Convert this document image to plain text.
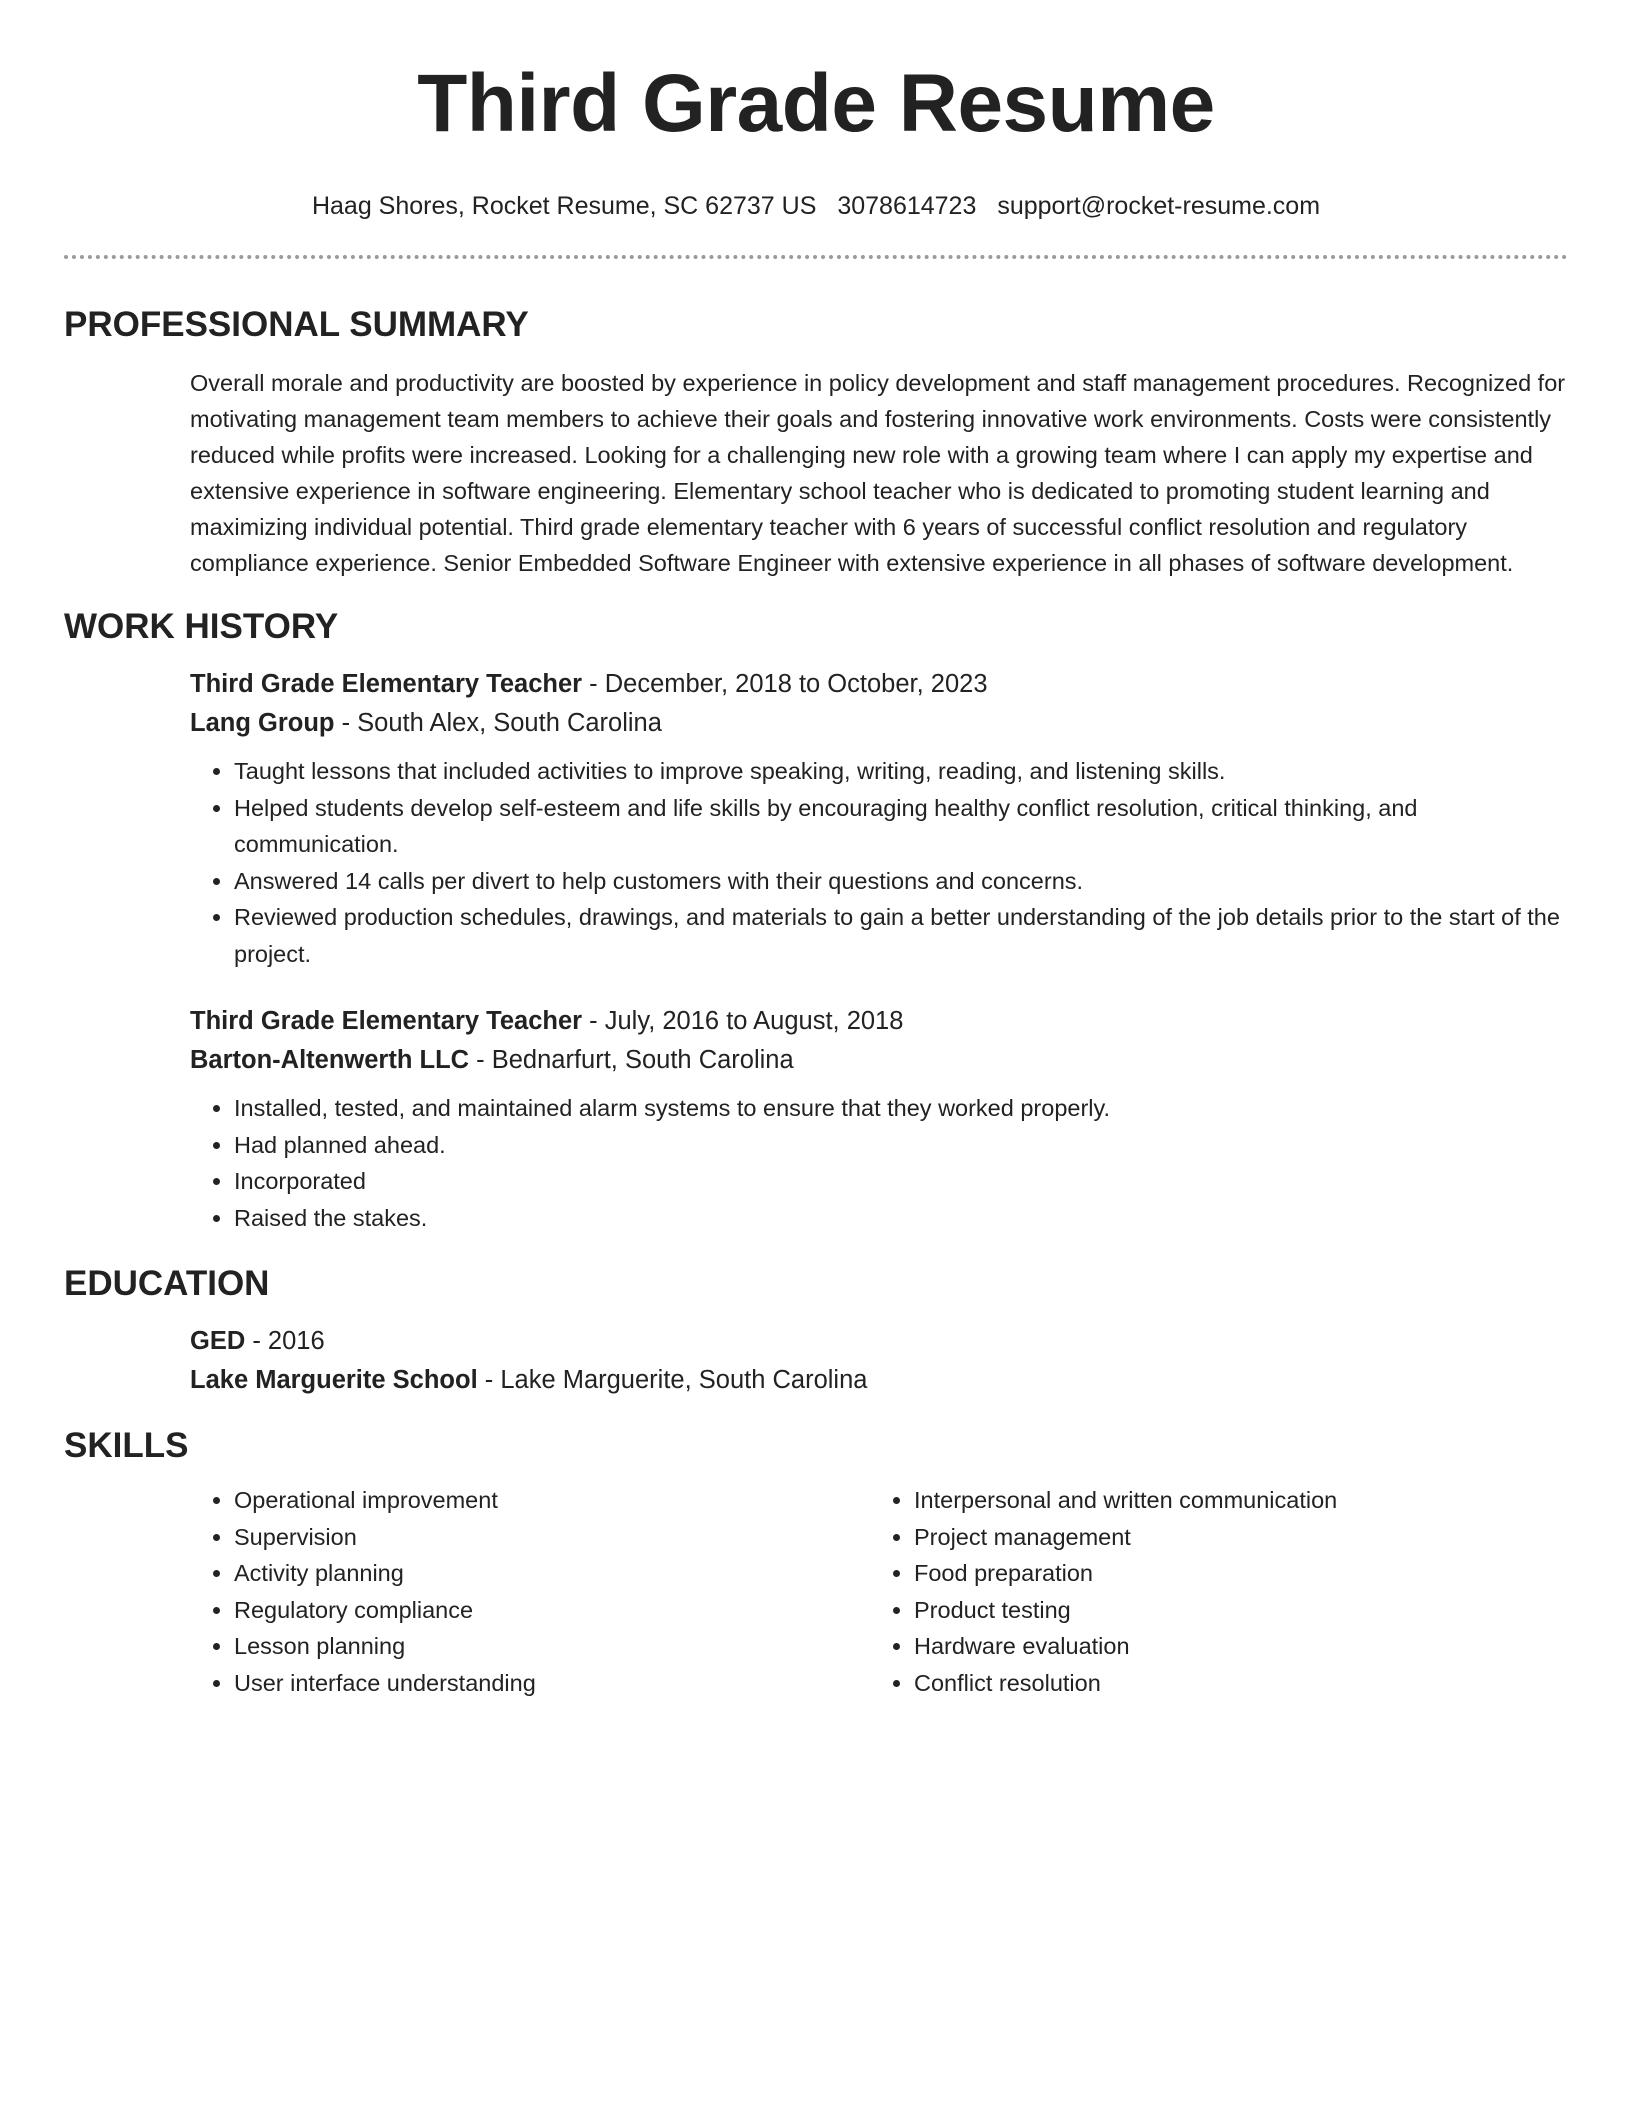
Third Grade Resume
Haag Shores, Rocket Resume, SC 62737 US 3078614723 support@rocket-resume.com
PROFESSIONAL SUMMARY

Overall morale and productivity are boosted by experience in policy development and staff management procedures. Recognized for motivating management team members to achieve their goals and fostering innovative work environments. Costs were consistently reduced while profits were increased. Looking for a challenging new role with a growing team where I can apply my expertise and extensive experience in software engineering. Elementary school teacher who is dedicated to promoting student learning and maximizing individual potential. Third grade elementary teacher with 6 years of successful conflict resolution and regulatory compliance experience. Senior Embedded Software Engineer with extensive experience in all phases of software development.

WORK HISTORY

Third Grade Elementary Teacher - December, 2018 to October, 2023

Lang Group - South Alex, South Carolina

• Taught lessons that included activities to improve speaking, writing, reading, and listening skills.
• Helped students develop self-esteem and life skills by encouraging healthy conflict resolution, critical thinking, and communication.
• Answered 14 calls per divert to help customers with their questions and concerns.
• Reviewed production schedules, drawings, and materials to gain a better understanding of the job details prior to the start of the project.

Third Grade Elementary Teacher - July, 2016 to August, 2018

Barton-Altenwerth LLC - Bednarfurt, South Carolina

• Installed, tested, and maintained alarm systems to ensure that they worked properly.
• Had planned ahead.
• Incorporated
• Raised the stakes.
EDUCATION

GED - 2016

Lake Marguerite School - Lake Marguerite, South Carolina

SKILLS
• Operational improvement
• Supervision
• Activity planning
• Regulatory compliance
• Lesson planning
• User interface understanding
• Interpersonal and written communication
• Project management
• Food preparation
• Product testing
• Hardware evaluation
• Conflict resolution
